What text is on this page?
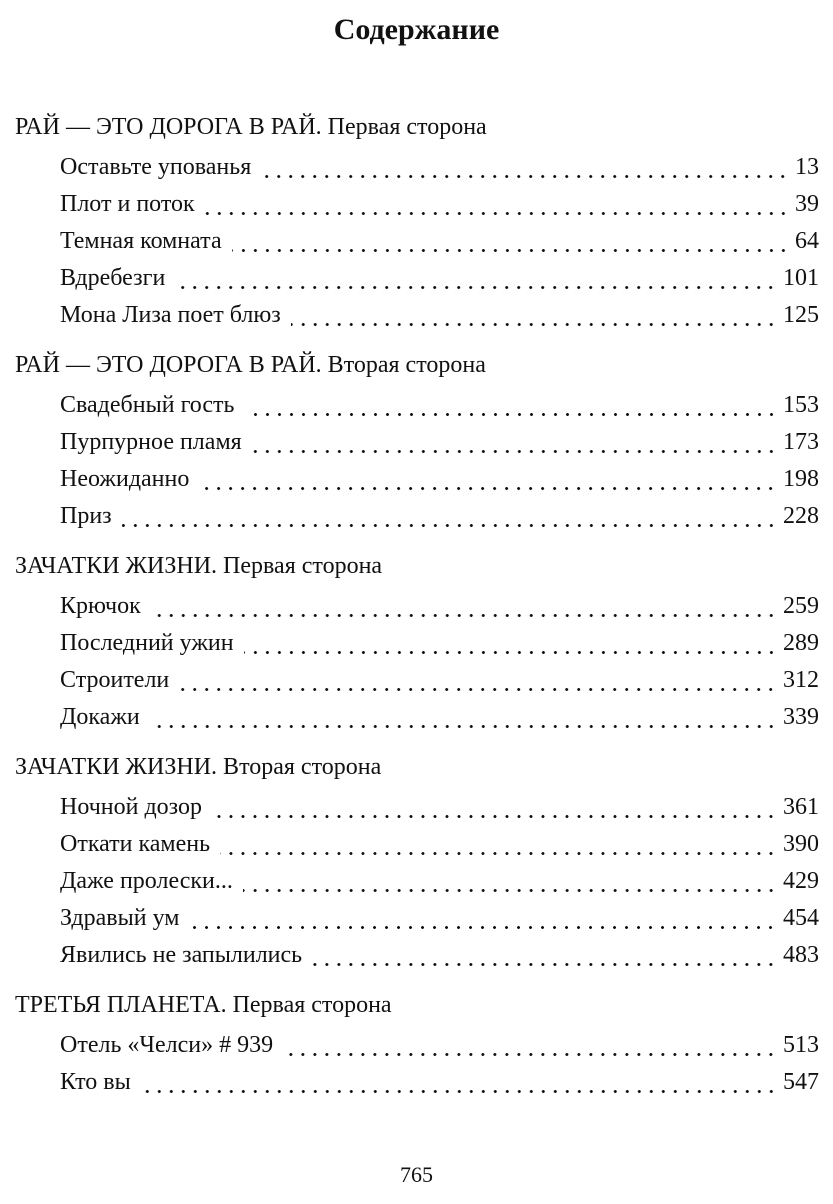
Содержание
РАЙ — ЭТО ДОРОГА В РАЙ. Первая сторона
Оставьте упованья	13
Плот и поток	39
Темная комната	64
Вдребезги	101
Мона Лиза поет блюз	125
РАЙ — ЭТО ДОРОГА В РАЙ. Вторая сторона
Свадебный гость	153
Пурпурное пламя	173
Неожиданно	198
Приз	228
ЗАЧАТКИ ЖИЗНИ. Первая сторона
Крючок	259
Последний ужин	289
Строители	312
Докажи	339
ЗАЧАТКИ ЖИЗНИ. Вторая сторона
Ночной дозор	361
Откати камень	390
Даже пролески...	429
Здравый ум	454
Явились не запылились	483
ТРЕТЬЯ ПЛАНЕТА. Первая сторона
Отель «Челси» # 939	513
Кто вы	547
765
